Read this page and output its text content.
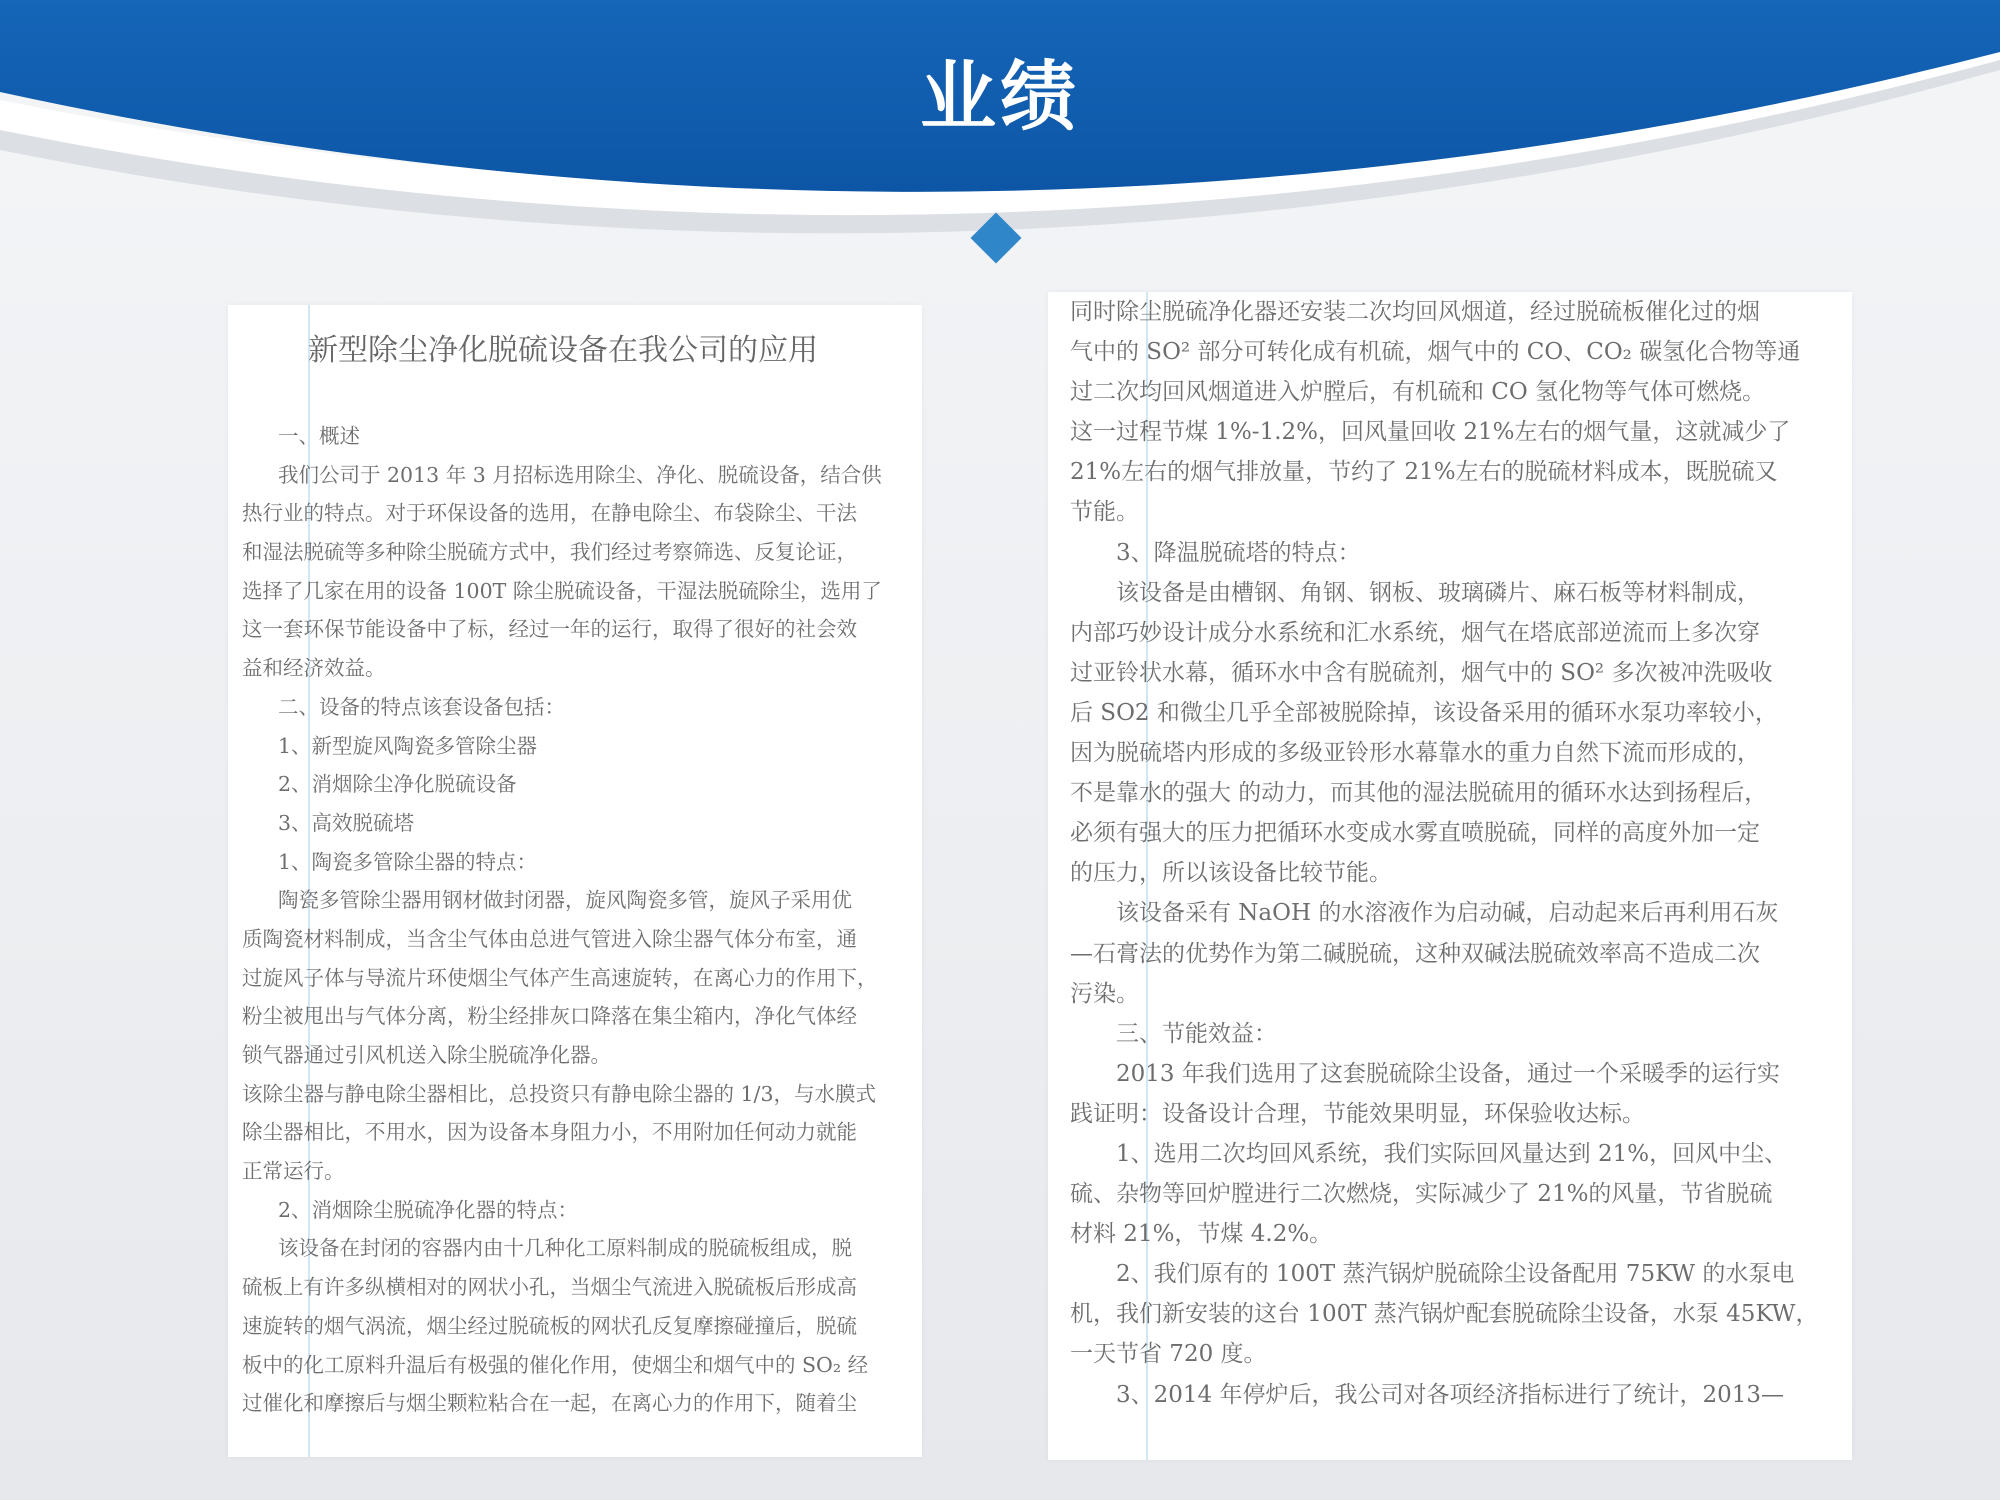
业绩
新型除尘净化脱硫设备在我公司的应用
一、概述
我们公司于 2013 年 3 月招标选用除尘、净化、脱硫设备，结合供
热行业的特点。对于环保设备的选用，在静电除尘、布袋除尘、干法
和湿法脱硫等多种除尘脱硫方式中，我们经过考察筛选、反复论证，
选择了几家在用的设备 100T 除尘脱硫设备，干湿法脱硫除尘，选用了
这一套环保节能设备中了标，经过一年的运行，取得了很好的社会效
益和经济效益。
二、设备的特点该套设备包括：
1、新型旋风陶瓷多管除尘器
2、消烟除尘净化脱硫设备
3、高效脱硫塔
1、陶瓷多管除尘器的特点：
陶瓷多管除尘器用钢材做封闭器，旋风陶瓷多管，旋风子采用优
质陶瓷材料制成，当含尘气体由总进气管进入除尘器气体分布室，通
过旋风子体与导流片环使烟尘气体产生高速旋转，在离心力的作用下，
粉尘被甩出与气体分离，粉尘经排灰口降落在集尘箱内，净化气体经
锁气器通过引风机送入除尘脱硫净化器。
该除尘器与静电除尘器相比，总投资只有静电除尘器的 1/3，与水膜式
除尘器相比，不用水，因为设备本身阻力小，不用附加任何动力就能
正常运行。
2、消烟除尘脱硫净化器的特点：
该设备在封闭的容器内由十几种化工原料制成的脱硫板组成，脱
硫板上有许多纵横相对的网状小孔，当烟尘气流进入脱硫板后形成高
速旋转的烟气涡流，烟尘经过脱硫板的网状孔反复摩擦碰撞后，脱硫
板中的化工原料升温后有极强的催化作用，使烟尘和烟气中的 SO₂ 经
过催化和摩擦后与烟尘颗粒粘合在一起，在离心力的作用下，随着尘
同时除尘脱硫净化器还安装二次均回风烟道，经过脱硫板催化过的烟
气中的 SO² 部分可转化成有机硫，烟气中的 CO、CO₂ 碳氢化合物等通
过二次均回风烟道进入炉膛后，有机硫和 CO 氢化物等气体可燃烧。
这一过程节煤 1%-1.2%，回风量回收 21%左右的烟气量，这就减少了
21%左右的烟气排放量，节约了 21%左右的脱硫材料成本，既脱硫又
节能。
3、降温脱硫塔的特点：
该设备是由槽钢、角钢、钢板、玻璃磷片、麻石板等材料制成，
内部巧妙设计成分水系统和汇水系统，烟气在塔底部逆流而上多次穿
过亚铃状水幕，循环水中含有脱硫剂，烟气中的 SO² 多次被冲洗吸收
后 SO2 和微尘几乎全部被脱除掉，该设备采用的循环水泵功率较小，
因为脱硫塔内形成的多级亚铃形水幕靠水的重力自然下流而形成的，
不是靠水的强大 的动力，而其他的湿法脱硫用的循环水达到扬程后，
必须有强大的压力把循环水变成水雾直喷脱硫，同样的高度外加一定
的压力，所以该设备比较节能。
该设备采有 NaOH 的水溶液作为启动碱，启动起来后再利用石灰
—石膏法的优势作为第二碱脱硫，这种双碱法脱硫效率高不造成二次
污染。
三、节能效益：
2013 年我们选用了这套脱硫除尘设备，通过一个采暖季的运行实
践证明：设备设计合理，节能效果明显，环保验收达标。
1、选用二次均回风系统，我们实际回风量达到 21%，回风中尘、
硫、杂物等回炉膛进行二次燃烧，实际减少了 21%的风量，节省脱硫
材料 21%，节煤 4.2%。
2、我们原有的 100T 蒸汽锅炉脱硫除尘设备配用 75KW 的水泵电
机，我们新安装的这台 100T 蒸汽锅炉配套脱硫除尘设备，水泵 45KW，
一天节省 720 度。
3、2014 年停炉后，我公司对各项经济指标进行了统计，2013—
